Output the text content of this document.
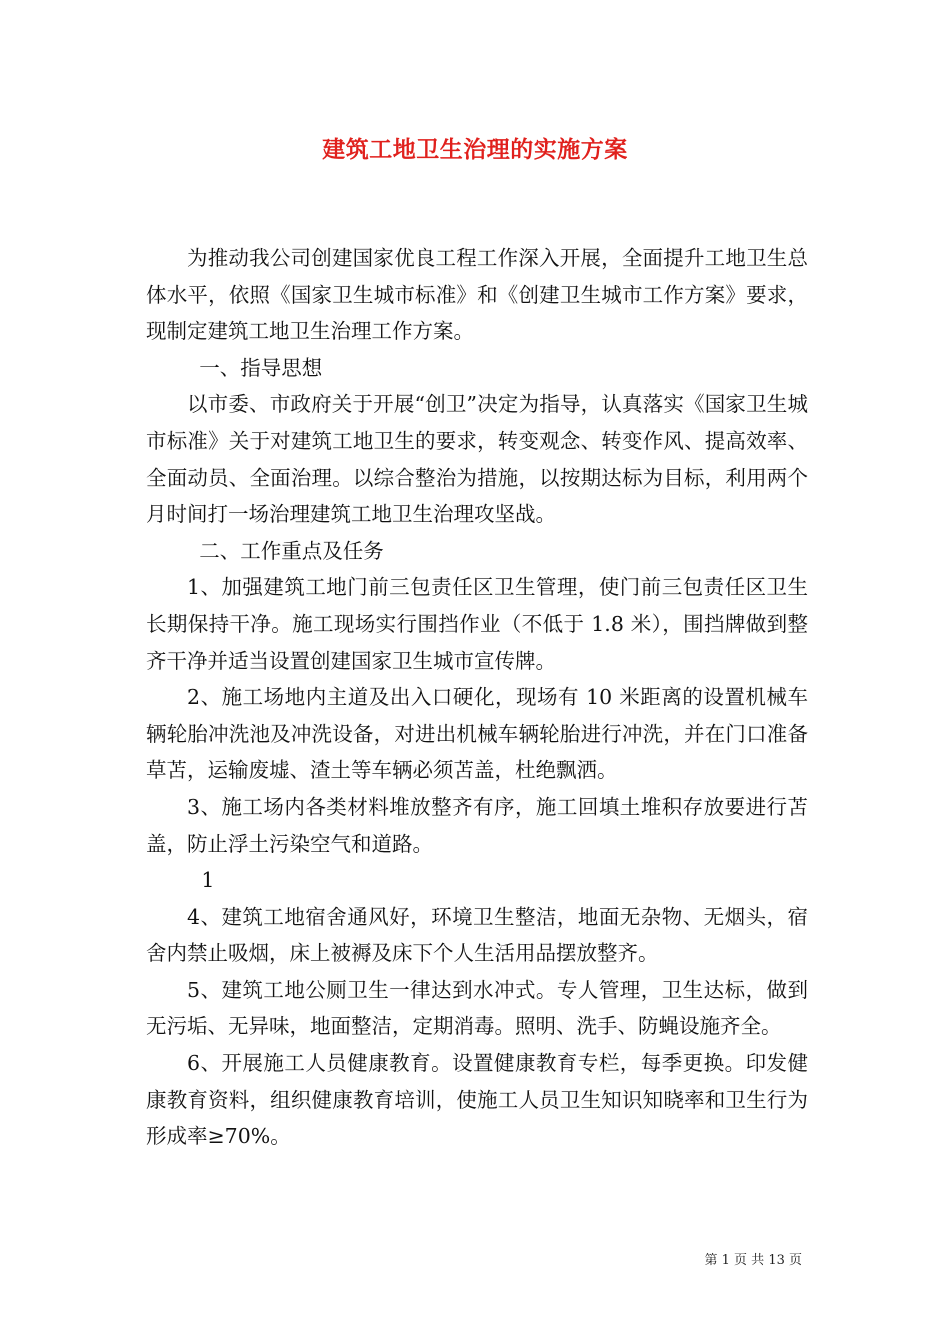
建筑工地卫生治理的实施方案

为推动我公司创建国家优良工程工作深入开展，全面提升工地卫生总体水平，依照《国家卫生城市标准》和《创建卫生城市工作方案》要求，现制定建筑工地卫生治理工作方案。

一、指导思想

以市委、市政府关于开展“创卫”决定为指导，认真落实《国家卫生城市标准》关于对建筑工地卫生的要求，转变观念、转变作风、提高效率、全面动员、全面治理。以综合整治为措施，以按期达标为目标，利用两个月时间打一场治理建筑工地卫生治理攻坚战。

二、工作重点及任务

1、加强建筑工地门前三包责任区卫生管理，使门前三包责任区卫生长期保持干净。施工现场实行围挡作业（不低于 1.8 米），围挡牌做到整齐干净并适当设置创建国家卫生城市宣传牌。

2、施工场地内主道及出入口硬化，现场有 10 米距离的设置机械车辆轮胎冲洗池及冲洗设备，对进出机械车辆轮胎进行冲洗，并在门口准备草苫，运输废墟、渣土等车辆必须苫盖，杜绝飘洒。

3、施工场内各类材料堆放整齐有序，施工回填土堆积存放要进行苫盖，防止浮土污染空气和道路。

1

4、建筑工地宿舍通风好，环境卫生整洁，地面无杂物、无烟头，宿舍内禁止吸烟，床上被褥及床下个人生活用品摆放整齐。

5、建筑工地公厕卫生一律达到水冲式。专人管理，卫生达标，做到无污垢、无异味，地面整洁，定期消毒。照明、洗手、防蝇设施齐全。

6、开展施工人员健康教育。设置健康教育专栏，每季更换。印发健康教育资料，组织健康教育培训，使施工人员卫生知识知晓率和卫生行为形成率≥70%。

第 1 页 共 13 页
